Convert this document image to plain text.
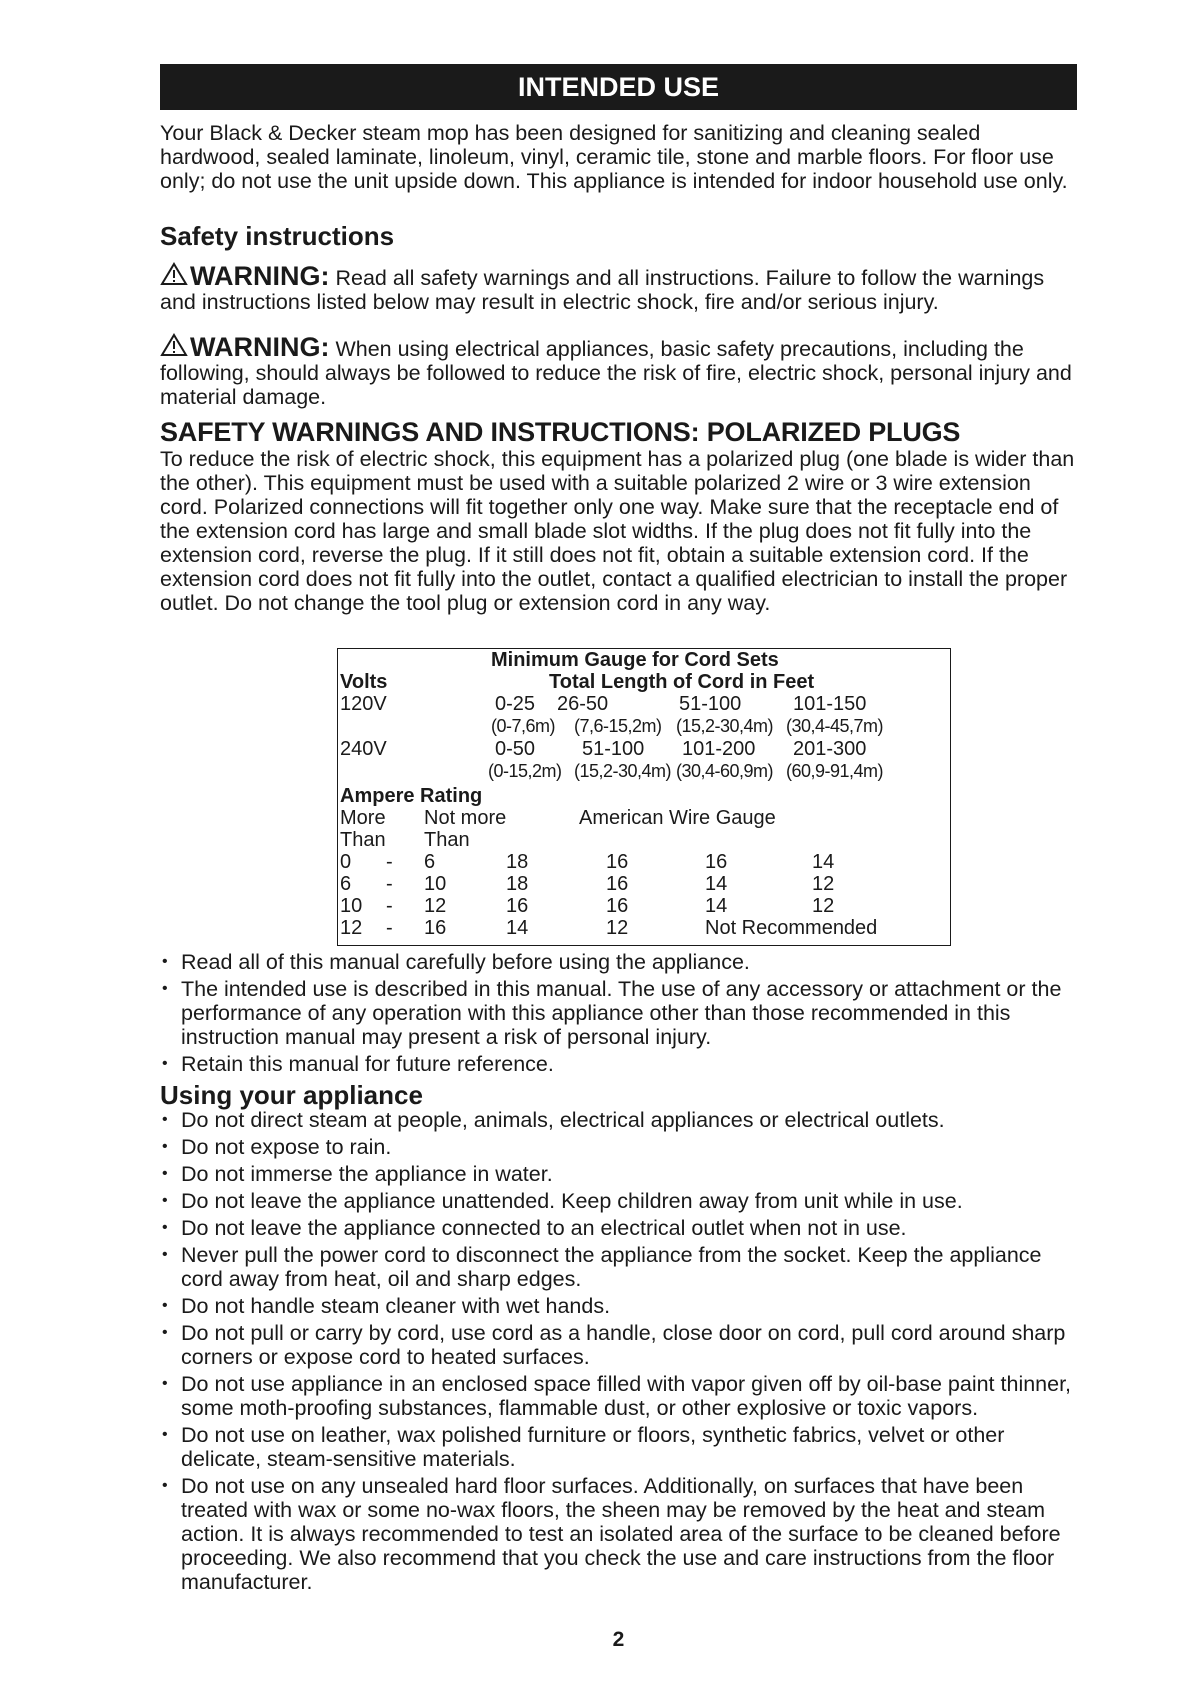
INTENDED USE
Your Black & Decker steam mop has been designed for sanitizing and cleaning sealed hardwood, sealed laminate, linoleum, vinyl, ceramic tile, stone and marble floors. For floor use only; do not use the unit upside down. This appliance is intended for indoor household use only.
Safety instructions
WARNING: Read all safety warnings and all instructions. Failure to follow the warnings and instructions listed below may result in electric shock, fire and/or serious injury.
WARNING: When using electrical appliances, basic safety precautions, including the following, should always be followed to reduce the risk of fire, electric shock, personal injury and material damage.
SAFETY WARNINGS AND INSTRUCTIONS: POLARIZED PLUGS
To reduce the risk of electric shock, this equipment has a polarized plug (one blade is wider than the other). This equipment must be used with a suitable polarized 2 wire or 3 wire extension cord. Polarized connections will fit together only one way. Make sure that the receptacle end of the extension cord has large and small blade slot widths. If the plug does not fit fully into the extension cord, reverse the plug. If it still does not fit, obtain a suitable extension cord. If the extension cord does not fit fully into the outlet, contact a qualified electrician to install the proper outlet. Do not change the tool plug or extension cord in any way.
Minimum Gauge for Cord Sets
Volts	Total Length of Cord in Feet
120V	0-25 26-50	51-100	101-150
(0-7,6m) (7,6-15,2m) (15,2-30,4m) (30,4-45,7m)
240V	0-50 51-100 101-200 201-300
(0-15,2m) (15,2-30,4m) (30,4-60,9m) (60,9-91,4m)
Ampere Rating
More Not more	American Wire Gauge
Than Than
0 - 6	18	16	16	14
6 - 10	18	16	14	12
10 - 12	16	16	14	12
12 - 16	14	12	Not Recommended
• Read all of this manual carefully before using the appliance.
• The intended use is described in this manual. The use of any accessory or attachment or the performance of any operation with this appliance other than those recommended in this instruction manual may present a risk of personal injury.
• Retain this manual for future reference.
Using your appliance
• Do not direct steam at people, animals, electrical appliances or electrical outlets.
• Do not expose to rain.
• Do not immerse the appliance in water.
• Do not leave the appliance unattended. Keep children away from unit while in use.
• Do not leave the appliance connected to an electrical outlet when not in use.
• Never pull the power cord to disconnect the appliance from the socket. Keep the appliance cord away from heat, oil and sharp edges.
• Do not handle steam cleaner with wet hands.
• Do not pull or carry by cord, use cord as a handle, close door on cord, pull cord around sharp corners or expose cord to heated surfaces.
• Do not use appliance in an enclosed space filled with vapor given off by oil-base paint thinner, some moth-proofing substances, flammable dust, or other explosive or toxic vapors.
• Do not use on leather, wax polished furniture or floors, synthetic fabrics, velvet or other delicate, steam-sensitive materials.
• Do not use on any unsealed hard floor surfaces. Additionally, on surfaces that have been treated with wax or some no-wax floors, the sheen may be removed by the heat and steam action. It is always recommended to test an isolated area of the surface to be cleaned before proceeding. We also recommend that you check the use and care instructions from the floor manufacturer.
2
